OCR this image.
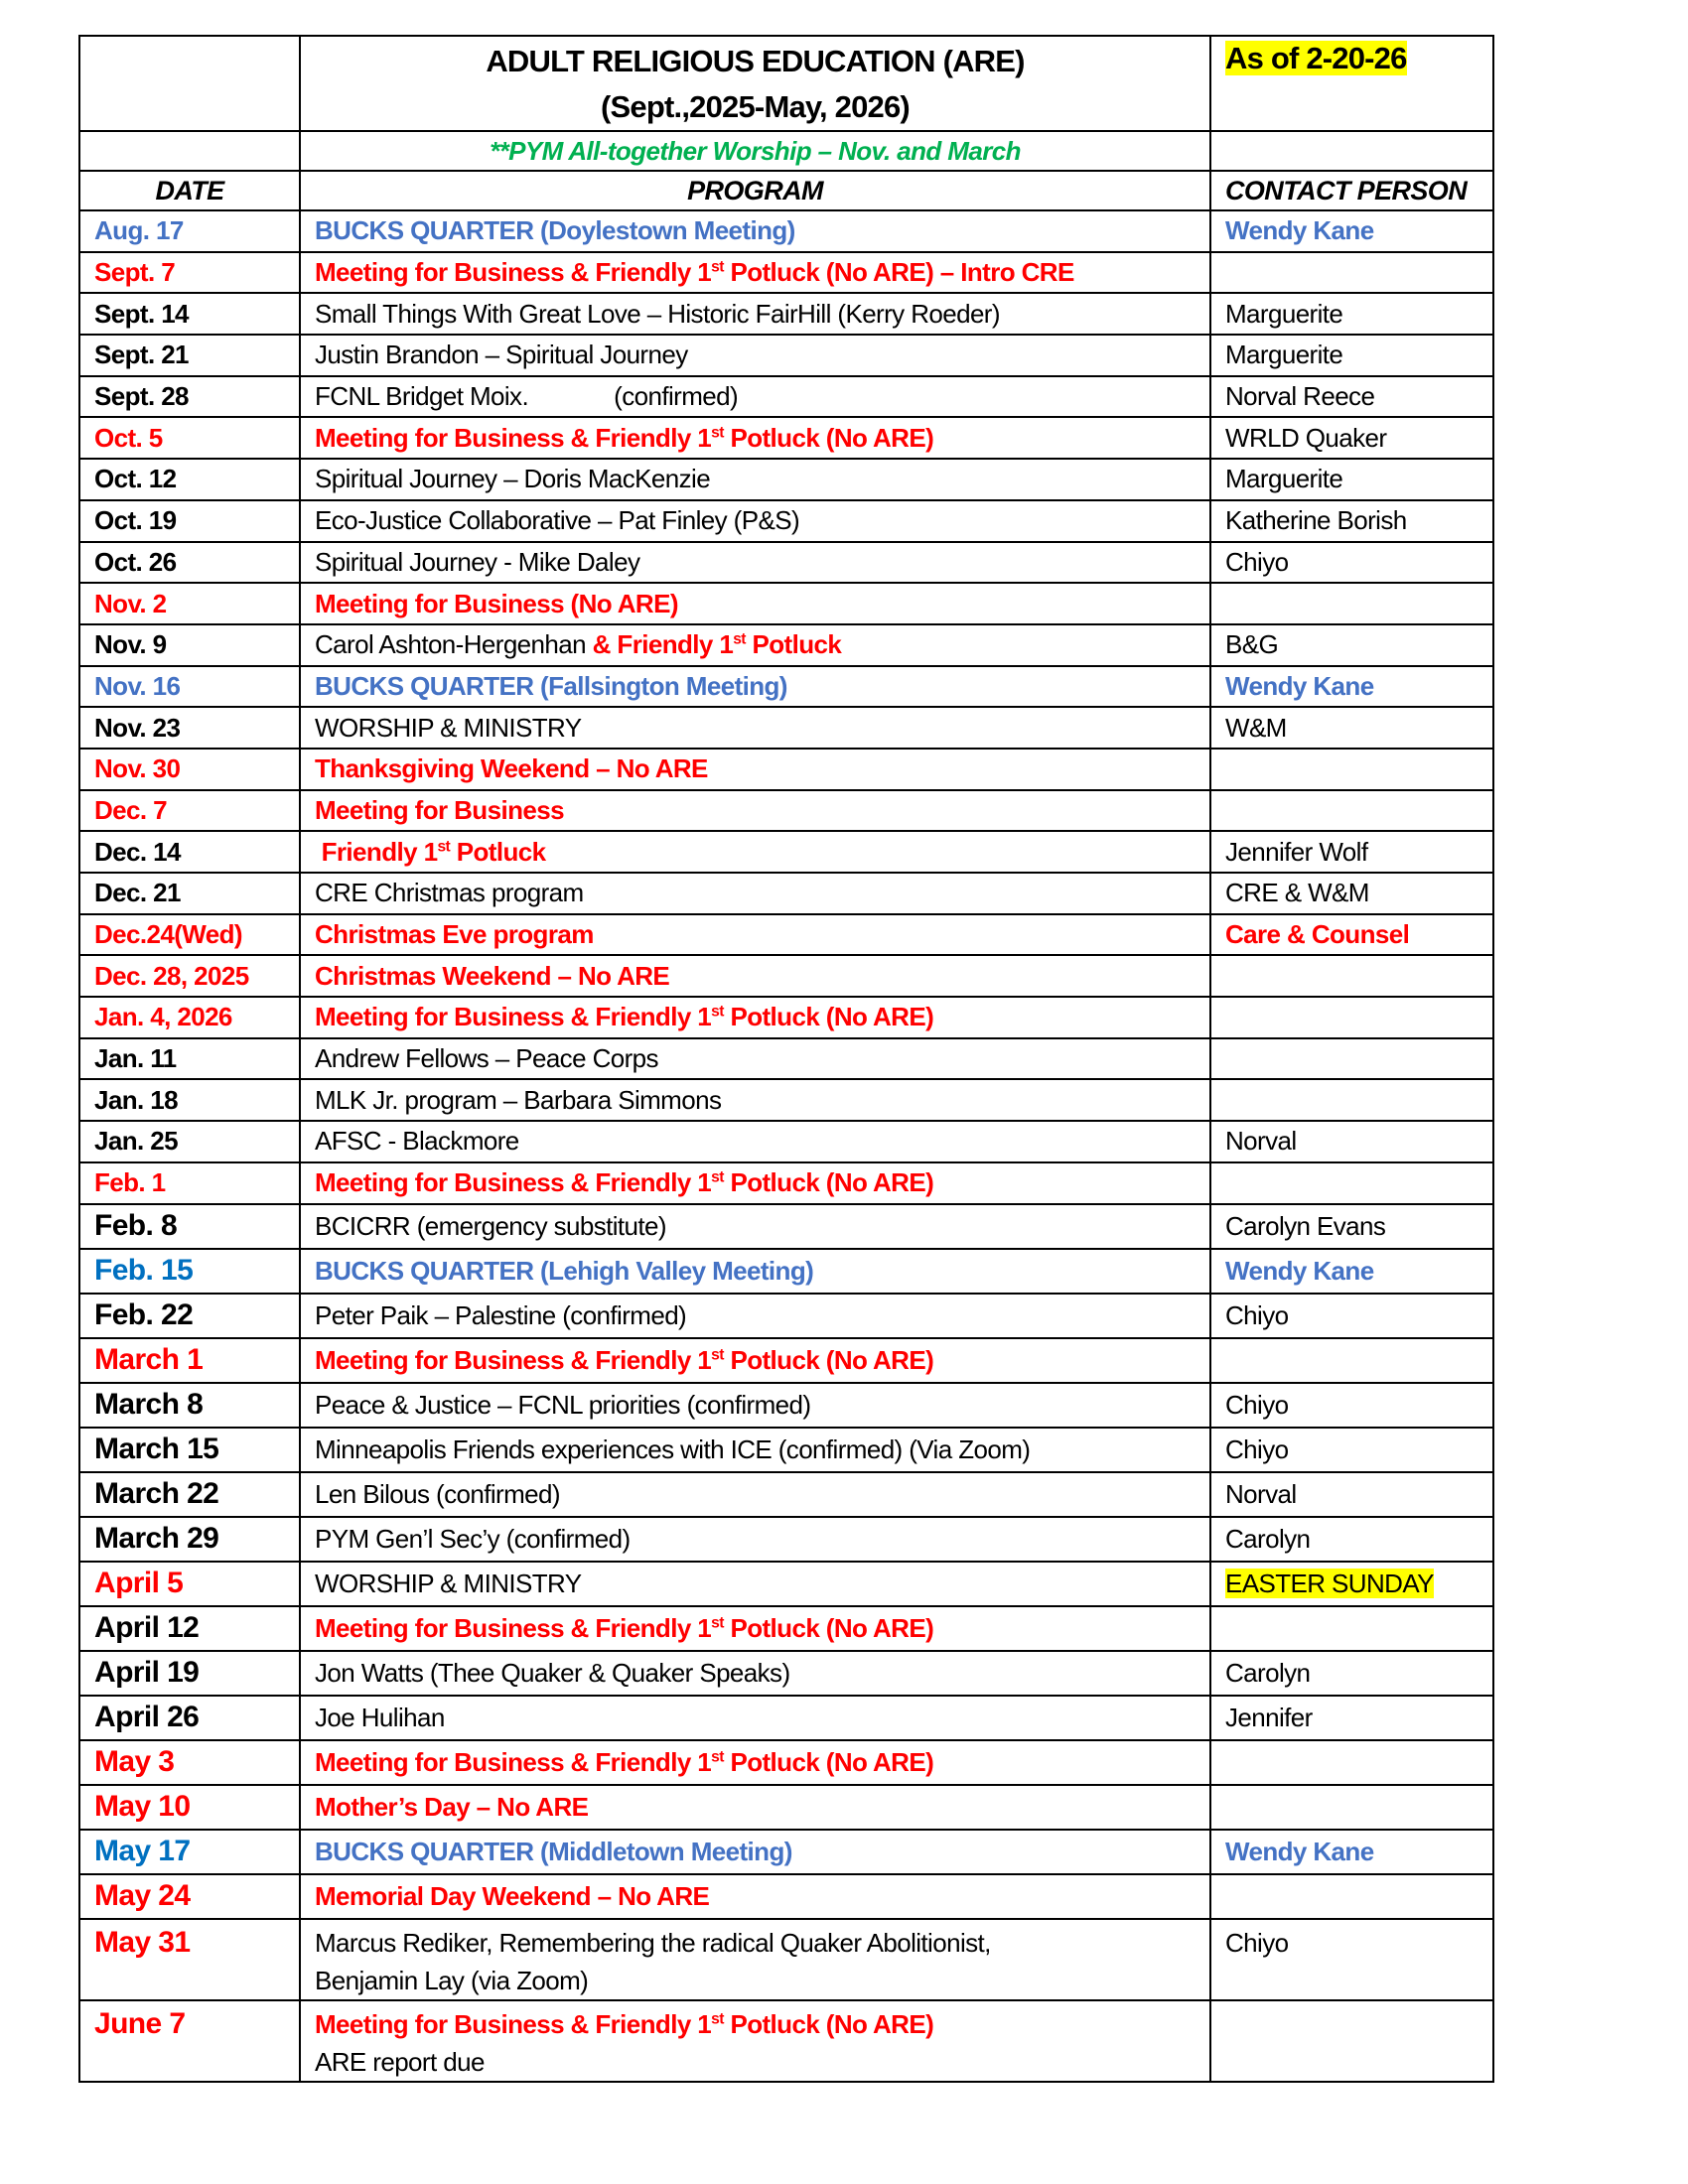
	ADULT RELIGIOUS EDUCATION (ARE)
(Sept.,2025-May, 2026)	As of 2-20-26
	**PYM All-together Worship – Nov. and March	
DATE	PROGRAM	CONTACT PERSON
Aug. 17	BUCKS QUARTER (Doylestown Meeting)	Wendy Kane
Sept. 7	Meeting for Business & Friendly 1st Potluck (No ARE) – Intro CRE	
Sept. 14	Small Things With Great Love – Historic FairHill (Kerry Roeder)	Marguerite
Sept. 21	Justin Brandon – Spiritual Journey	Marguerite
Sept. 28	FCNL Bridget Moix.             (confirmed)	Norval Reece
Oct. 5	Meeting for Business & Friendly 1st Potluck (No ARE)	WRLD Quaker
Oct. 12	Spiritual Journey – Doris MacKenzie	Marguerite
Oct. 19	Eco-Justice Collaborative – Pat Finley (P&S)	Katherine Borish
Oct. 26	Spiritual Journey - Mike Daley	Chiyo
Nov. 2	Meeting for Business (No ARE)	
Nov. 9	Carol Ashton-Hergenhan & Friendly 1st Potluck	B&G
Nov. 16	BUCKS QUARTER (Fallsington Meeting)	Wendy Kane
Nov. 23	WORSHIP & MINISTRY	W&M
Nov. 30	Thanksgiving Weekend – No ARE	
Dec. 7	Meeting for Business	
Dec. 14	Friendly 1st Potluck	Jennifer Wolf
Dec. 21	CRE Christmas program	CRE & W&M
Dec.24(Wed)	Christmas Eve program	Care & Counsel
Dec. 28, 2025	Christmas Weekend – No ARE	
Jan. 4, 2026	Meeting for Business & Friendly 1st Potluck (No ARE)	
Jan. 11	Andrew Fellows – Peace Corps	
Jan. 18	MLK Jr. program – Barbara Simmons	
Jan. 25	AFSC - Blackmore	Norval
Feb. 1	Meeting for Business & Friendly 1st Potluck (No ARE)	
Feb. 8	BCICRR (emergency substitute)	Carolyn Evans
Feb. 15	BUCKS QUARTER (Lehigh Valley Meeting)	Wendy Kane
Feb. 22	Peter Paik – Palestine (confirmed)	Chiyo
March 1	Meeting for Business & Friendly 1st Potluck (No ARE)	
March 8	Peace & Justice – FCNL priorities (confirmed)	Chiyo
March 15	Minneapolis Friends experiences with ICE (confirmed) (Via Zoom)	Chiyo
March 22	Len Bilous (confirmed)	Norval
March 29	PYM Gen’l Sec’y (confirmed)	Carolyn
April 5	WORSHIP & MINISTRY	EASTER SUNDAY
April 12	Meeting for Business & Friendly 1st Potluck (No ARE)	
April 19	Jon Watts (Thee Quaker & Quaker Speaks)	Carolyn
April 26	Joe Hulihan	Jennifer
May 3	Meeting for Business & Friendly 1st Potluck (No ARE)	
May 10	Mother’s Day – No ARE	
May 17	BUCKS QUARTER (Middletown Meeting)	Wendy Kane
May 24	Memorial Day Weekend – No ARE	
May 31	Marcus Rediker, Remembering the radical Quaker Abolitionist,
Benjamin Lay (via Zoom)	Chiyo
June 7	Meeting for Business & Friendly 1st Potluck (No ARE)
ARE report due	
